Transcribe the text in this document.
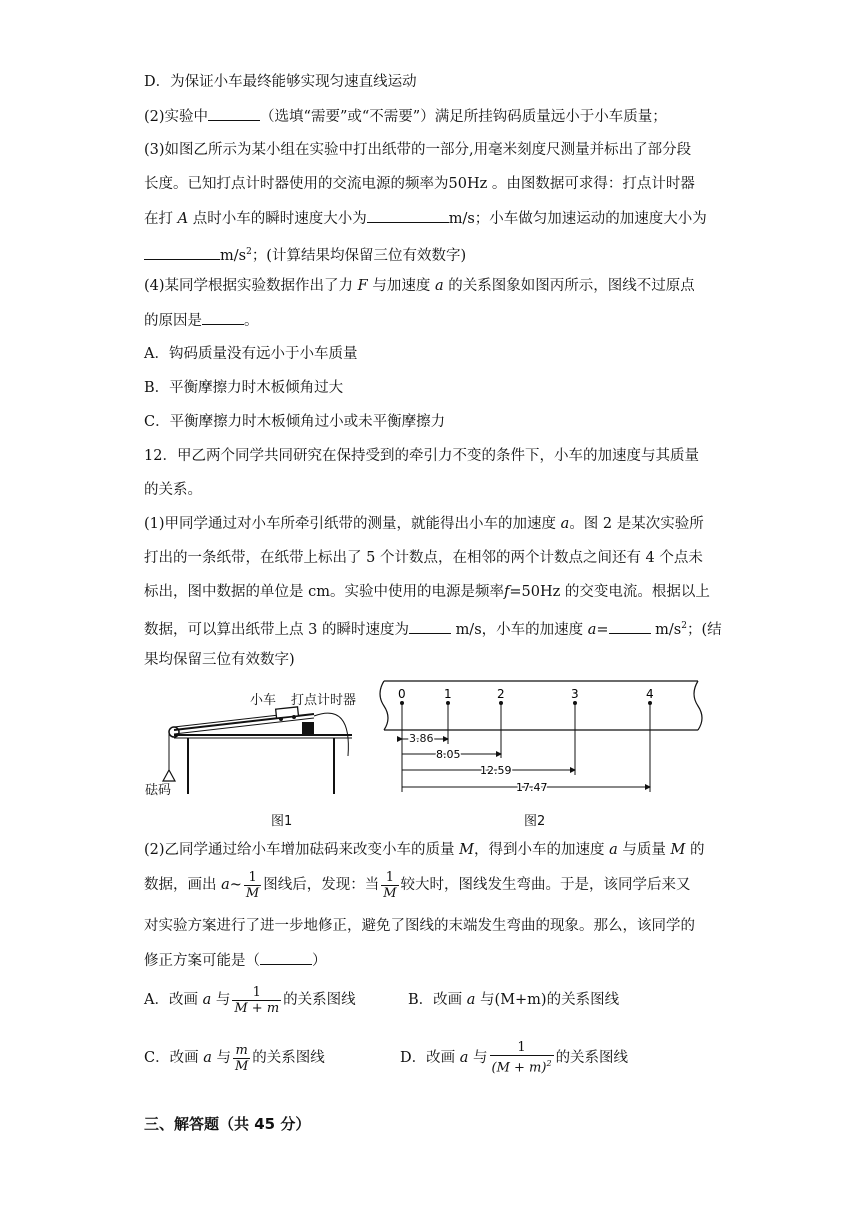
D．为保证小车最终能够实现匀速直线运动
(2)实验中	（选填“需要”或“不需要”）满足所挂钩码质量远小于小车质量；
(3)如图乙所示为某小组在实验中打出纸带的一部分,用毫米刻度尺测量并标出了部分段
长度。已知打点计时器使用的交流电源的频率为50Hz 。由图数据可求得：打点计时器
在打 A 点时小车的瞬时速度大小为	m/s；小车做匀加速运动的加速度大小为
$m/s^2$；(计算结果均保留三位有效数字)
(4)某同学根据实验数据作出了力 F 与加速度 a 的关系图象如图丙所示，图线不过原点
的原因是	。
A．钩码质量没有远小于小车质量
B．平衡摩擦力时木板倾角过大
C．平衡摩擦力时木板倾角过小或未平衡摩擦力
12．甲乙两个同学共同研究在保持受到的牵引力不变的条件下，小车的加速度与其质量
的关系。
(1)甲同学通过对小车所牵引纸带的测量，就能得出小车的加速度 a。图 2 是某次实验所
打出的一条纸带，在纸带上标出了 5 个计数点，在相邻的两个计数点之间还有 4 个点未
标出，图中数据的单位是 cm。实验中使用的电源是频率f=50Hz 的交变电流。根据以上
数据，可以算出纸带上点 3 的瞬时速度为	m/s，小车的加速度 a=	$m/s^2$；(结
果均保留三位有效数字)
小车 打点计时器
砝码
图1
0	1	2	3	4
3.86
8.05
12.59
17.47
图2
(2)乙同学通过给小车增加砝码来改变小车的质量 M，得到小车的加速度 a 与质量 M 的
数据，画出 a~ $\frac{1}{M}$ 图线后，发现：当 $\frac{1}{M}$ 较大时，图线发生弯曲。于是，该同学后来又
对实验方案进行了进一步地修正，避免了图线的末端发生弯曲的现象。那么，该同学的
修正方案可能是（	）
A．改画 a 与 $\frac{1}{M + m}$ 的关系图线	B．改画 a 与(M+m)的关系图线
C．改画 a 与 $\frac{m}{M}$ 的关系图线	D．改画 a 与 $\frac{1}{(M + m)^2}$ 的关系图线
三、解答题（共 45 分）
